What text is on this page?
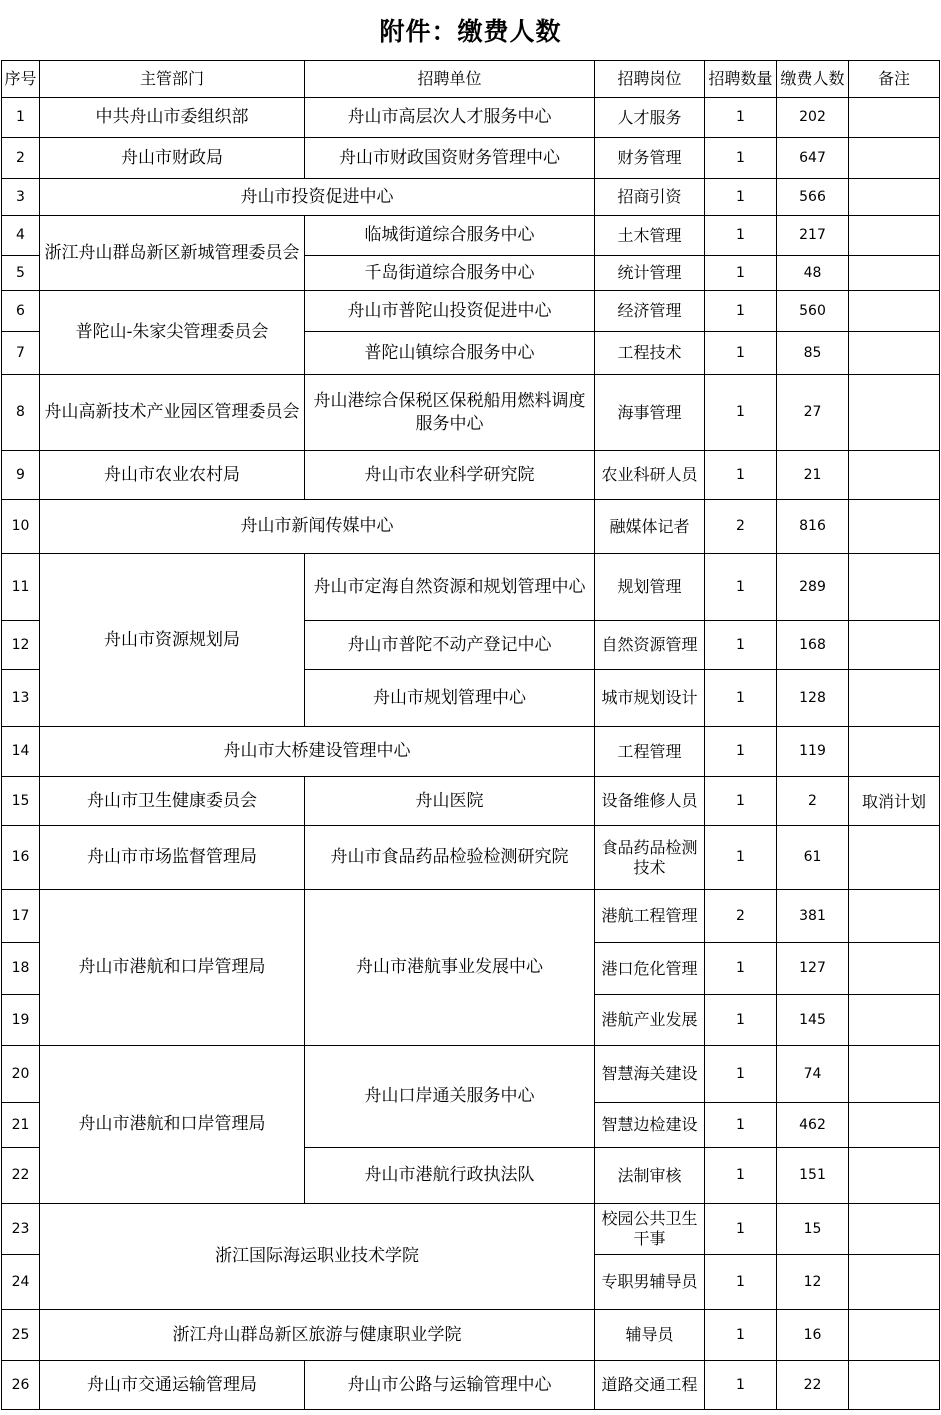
附件：缴费人数
序号	主管部门	招聘单位	招聘岗位	招聘数量	缴费人数	备注
1	中共舟山市委组织部	舟山市高层次人才服务中心	人才服务	1	202	
2	舟山市财政局	舟山市财政国资财务管理中心	财务管理	1	647	
3	舟山市投资促进中心		招商引资	1	566	
4	浙江舟山群岛新区新城管理委员会	临城街道综合服务中心	土木管理	1	217	
5		千岛街道综合服务中心	统计管理	1	48	
6	普陀山-朱家尖管理委员会	舟山市普陀山投资促进中心	经济管理	1	560	
7		普陀山镇综合服务中心	工程技术	1	85	
8	舟山高新技术产业园区管理委员会	舟山港综合保税区保税船用燃料调度服务中心	海事管理	1	27	
9	舟山市农业农村局	舟山市农业科学研究院	农业科研人员	1	21	
10	舟山市新闻传媒中心		融媒体记者	2	816	
11	舟山市资源规划局	舟山市定海自然资源和规划管理中心	规划管理	1	289	
12		舟山市普陀不动产登记中心	自然资源管理	1	168	
13		舟山市规划管理中心	城市规划设计	1	128	
14	舟山市大桥建设管理中心		工程管理	1	119	
15	舟山市卫生健康委员会	舟山医院	设备维修人员	1	2	取消计划
16	舟山市市场监督管理局	舟山市食品药品检验检测研究院	食品药品检测技术	1	61	
17	舟山市港航和口岸管理局	舟山市港航事业发展中心	港航工程管理	2	381	
18			港口危化管理	1	127	
19			港航产业发展	1	145	
20	舟山市港航和口岸管理局	舟山口岸通关服务中心	智慧海关建设	1	74	
21			智慧边检建设	1	462	
22		舟山市港航行政执法队	法制审核	1	151	
23	浙江国际海运职业技术学院		校园公共卫生干事	1	15	
24			专职男辅导员	1	12	
25	浙江舟山群岛新区旅游与健康职业学院		辅导员	1	16	
26	舟山市交通运输管理局	舟山市公路与运输管理中心	道路交通工程	1	22	
